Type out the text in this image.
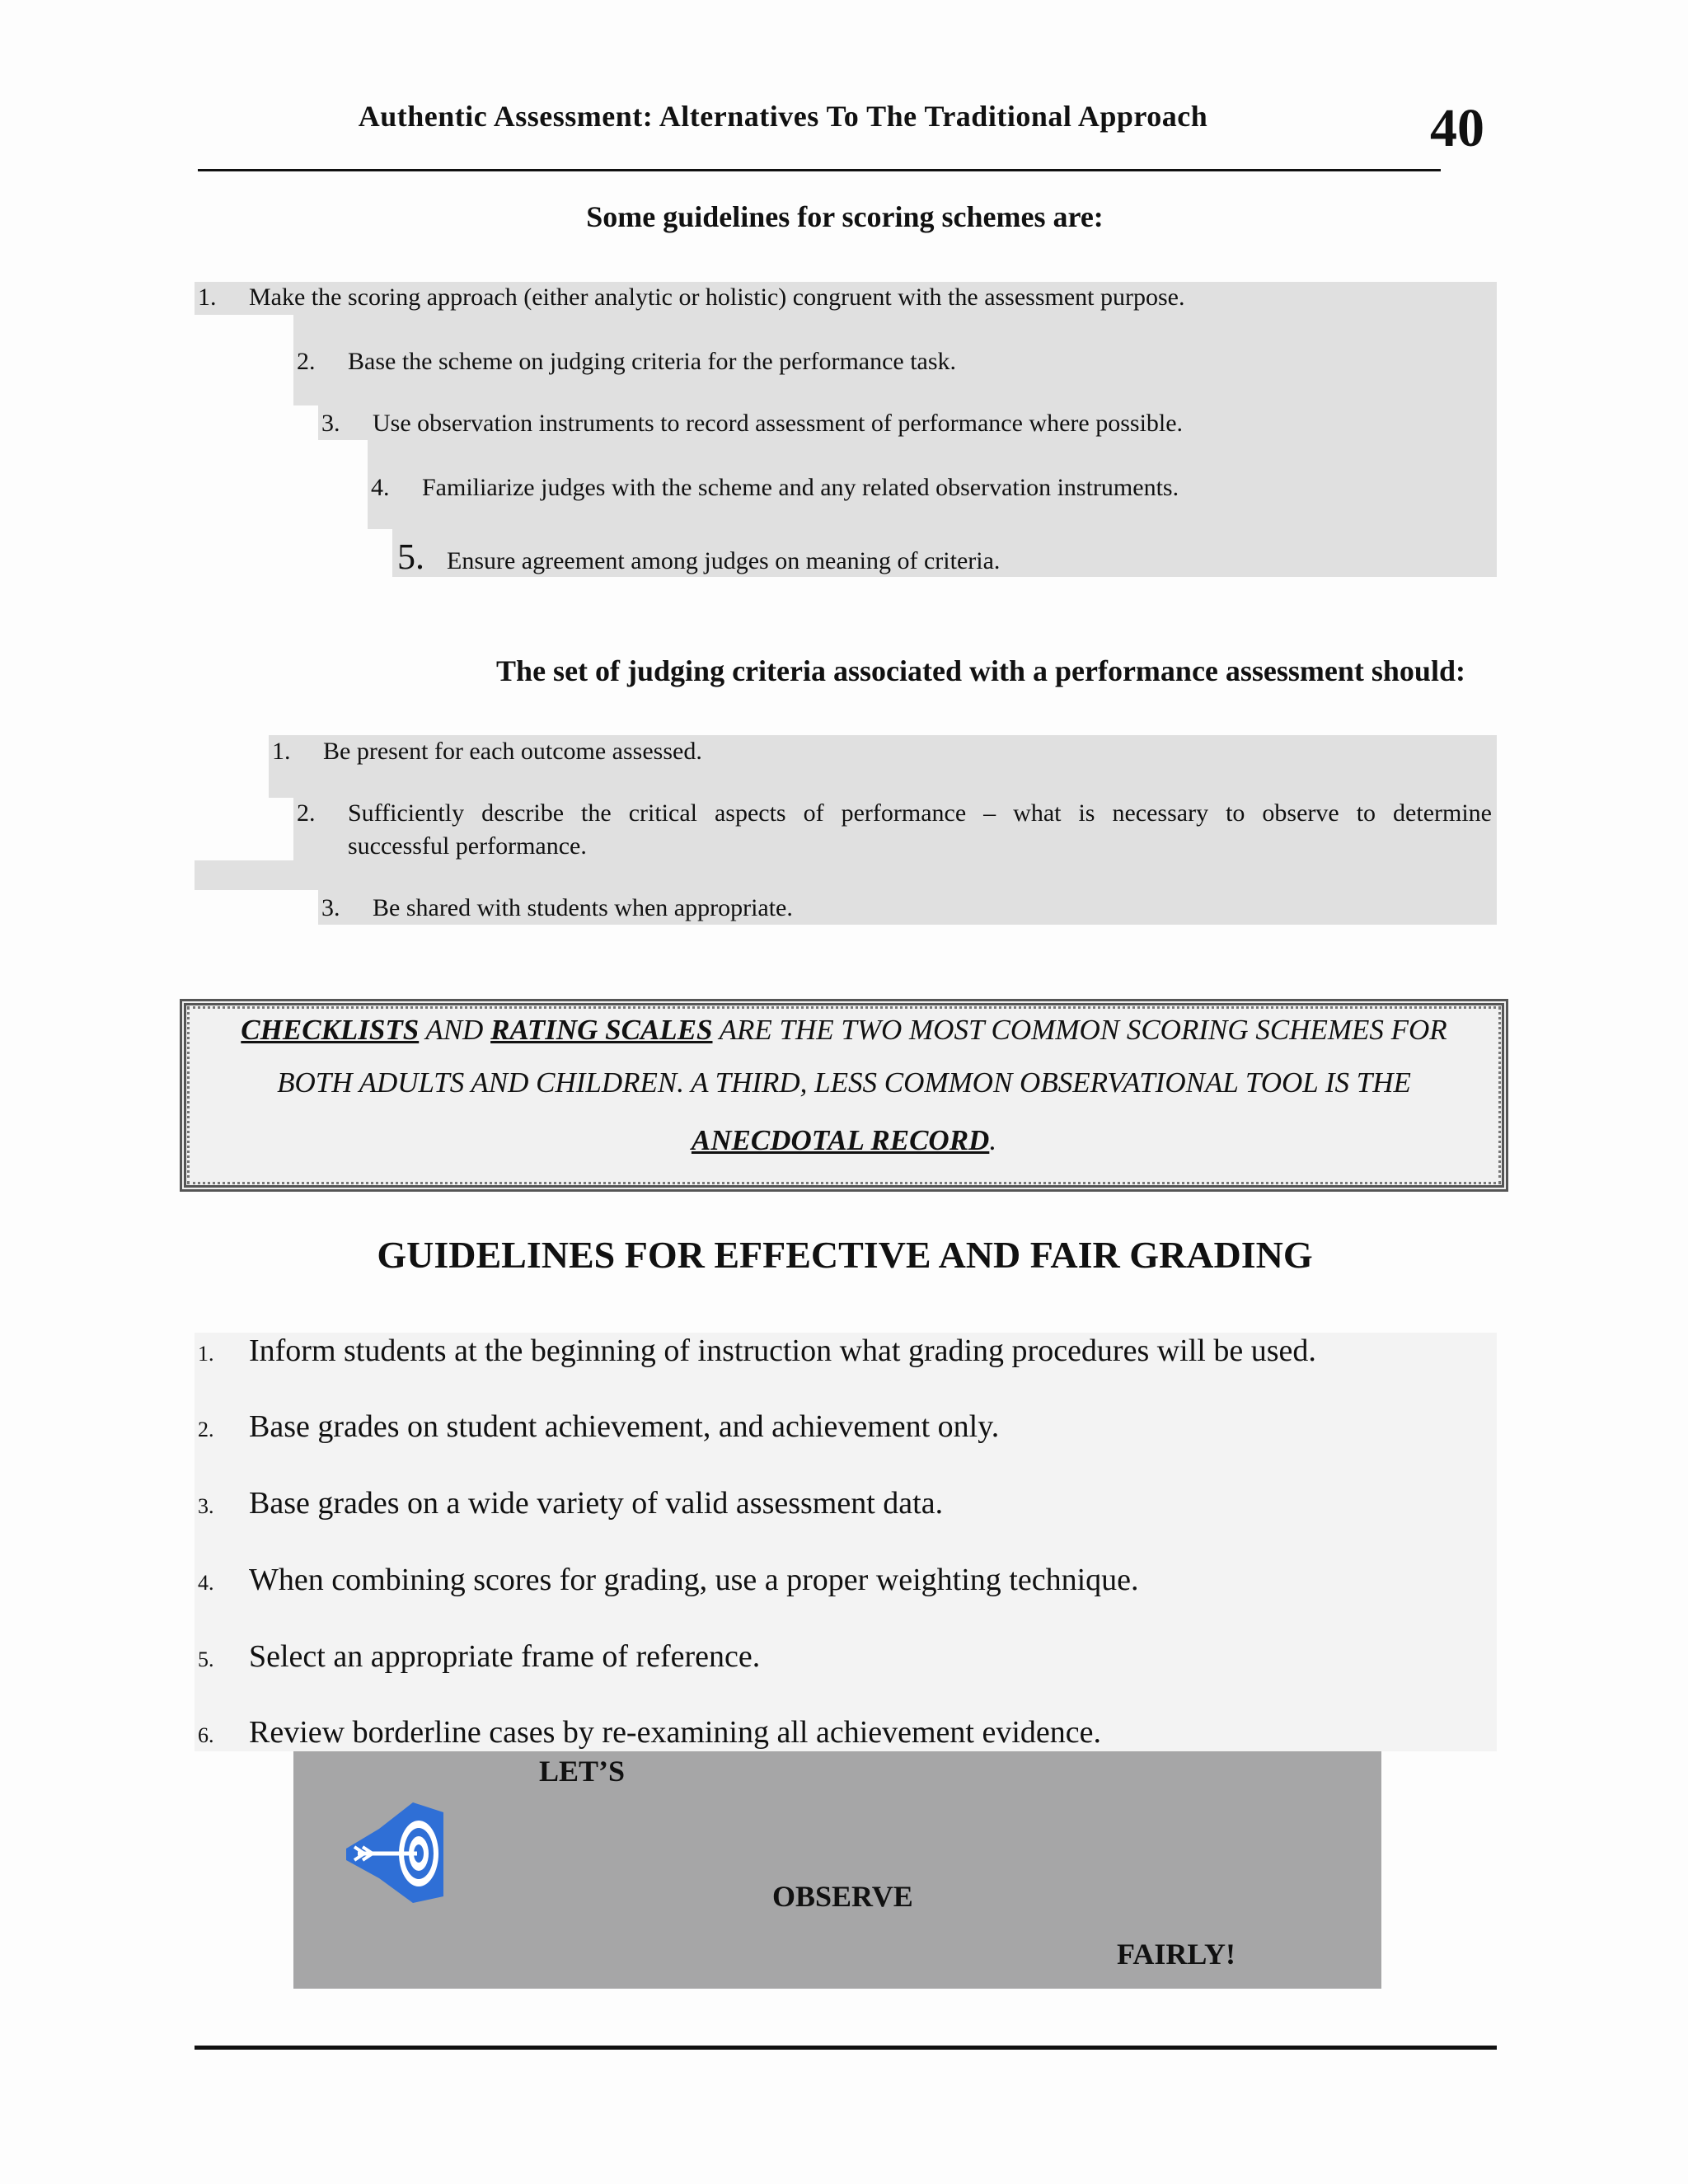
Authentic Assessment: Alternatives To The Traditional Approach	40
Some guidelines for scoring schemes are:
1.	Make the scoring approach (either analytic or holistic) congruent with the assessment purpose.
2.	Base the scheme on judging criteria for the performance task.
3.	Use observation instruments to record assessment of performance where possible.
4.	Familiarize judges with the scheme and any related observation instruments.
5. Ensure agreement among judges on meaning of criteria.
The set of judging criteria associated with a performance assessment should:
1.	Be present for each outcome assessed.
2.	Sufficiently describe the critical aspects of performance – what is necessary to observe to determine
successful performance.
3.	Be shared with students when appropriate.
CHECKLISTS AND RATING SCALES ARE THE TWO MOST COMMON SCORING SCHEMES FOR
BOTH ADULTS AND CHILDREN. A THIRD, LESS COMMON OBSERVATIONAL TOOL IS THE
ANECDOTAL RECORD.
GUIDELINES FOR EFFECTIVE AND FAIR GRADING
1. Inform students at the beginning of instruction what grading procedures will be used.
2. Base grades on student achievement, and achievement only.
3. Base grades on a wide variety of valid assessment data.
4. When combining scores for grading, use a proper weighting technique.
5. Select an appropriate frame of reference.
6. Review borderline cases by re-examining all achievement evidence.
LET’S
OBSERVE
FAIRLY!
